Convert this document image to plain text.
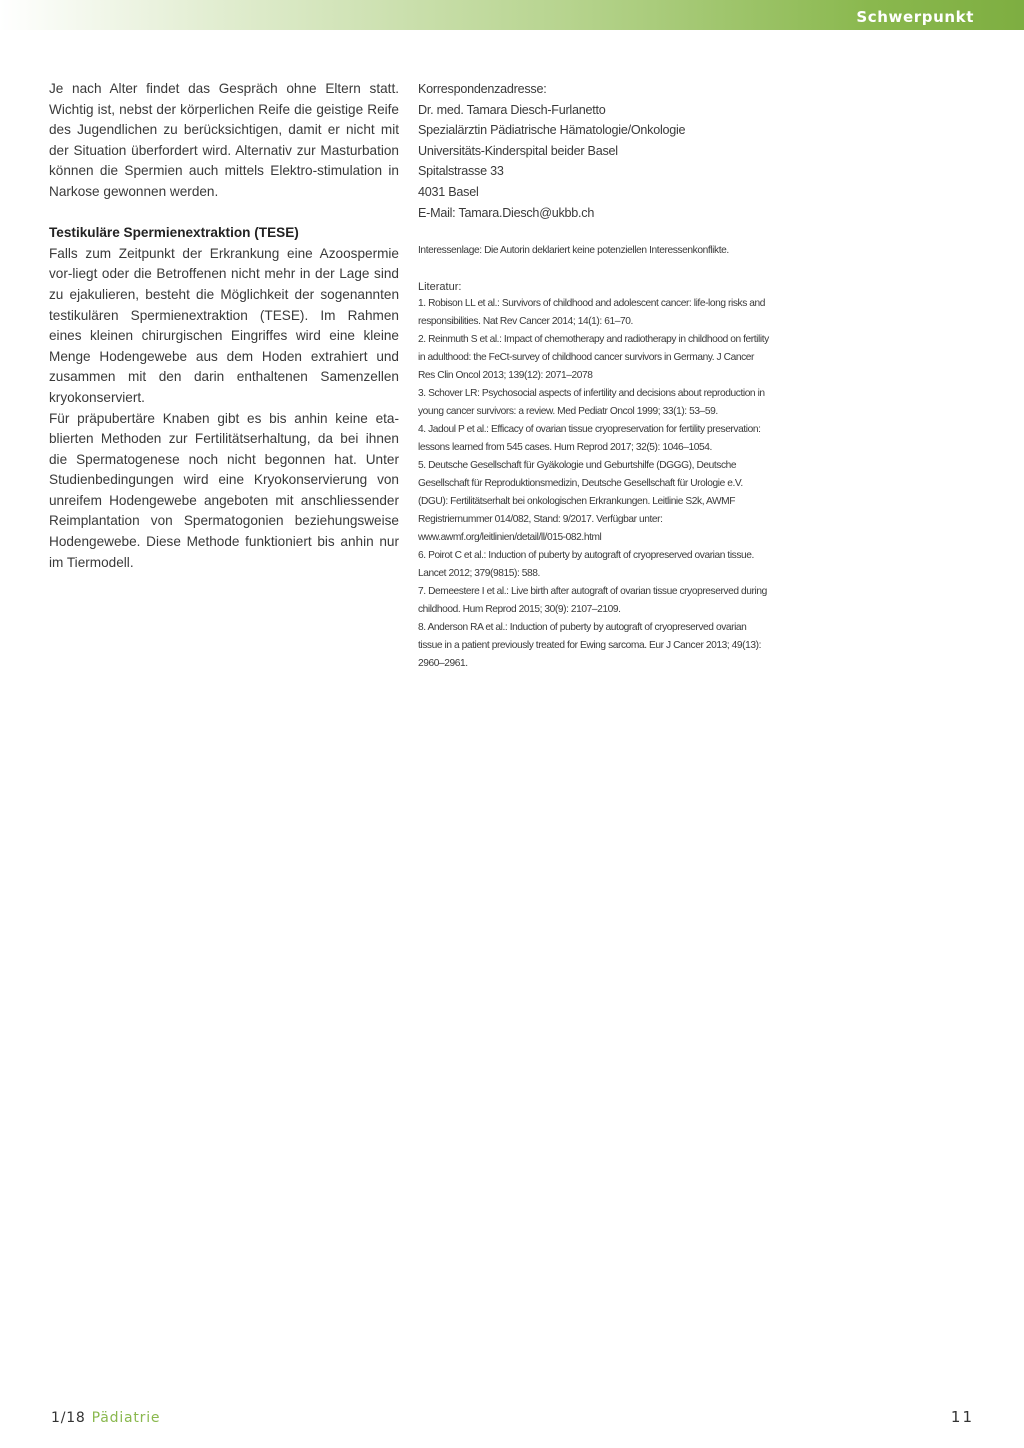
Schwerpunkt

Je nach Alter findet das Gespräch ohne Eltern statt. Wichtig ist, nebst der körperlichen Reife die geistige Reife des Jugendlichen zu berücksichtigen, damit er nicht mit der Situation überfordert wird. Alternativ zur Masturbation können die Spermien auch mittels Elektro-stimulation in Narkose gewonnen werden.

Testikuläre Spermienextraktion (TESE)

Falls zum Zeitpunkt der Erkrankung eine Azoospermie vor-liegt oder die Betroffenen nicht mehr in der Lage sind zu ejakulieren, besteht die Möglichkeit der sogenannten testikulären Spermienextraktion (TESE). Im Rahmen eines kleinen chirurgischen Eingriffes wird eine kleine Menge Hodengewebe aus dem Hoden extrahiert und zusammen mit den darin enthaltenen Samenzellen kryokonserviert.

Für präpubertäre Knaben gibt es bis anhin keine eta-blierten Methoden zur Fertilitätserhaltung, da bei ihnen die Spermatogenese noch nicht begonnen hat. Unter Studienbedingungen wird eine Kryokonservierung von unreifem Hodengewebe angeboten mit anschliessender Reimplantation von Spermatogonien beziehungsweise Hodengewebe. Diese Methode funktioniert bis anhin nur im Tiermodell.

Korrespondenzadresse:
Dr. med. Tamara Diesch-Furlanetto
Spezialärztin Pädiatrische Hämatologie/Onkologie
Universitäts-Kinderspital beider Basel
Spitalstrasse 33
4031 Basel
E-Mail: Tamara.Diesch@ukbb.ch
Interessenlage: Die Autorin deklariert keine potenziellen Interessenkonflikte.
Literatur:
1. Robison LL et al.: Survivors of childhood and adolescent cancer: life-long risks and responsibilities. Nat Rev Cancer 2014; 14(1): 61–70.
2. Reinmuth S et al.: Impact of chemotherapy and radiotherapy in childhood on fertility in adulthood: the FeCt-survey of childhood cancer survivors in Germany. J Cancer Res Clin Oncol 2013; 139(12): 2071–2078
3. Schover LR: Psychosocial aspects of infertility and decisions about reproduction in young cancer survivors: a review. Med Pediatr Oncol 1999; 33(1): 53–59.
4. Jadoul P et al.: Efficacy of ovarian tissue cryopreservation for fertility preservation: lessons learned from 545 cases. Hum Reprod 2017; 32(5): 1046–1054.
5. Deutsche Gesellschaft für Gyäkologie und Geburtshilfe (DGGG), Deutsche Gesellschaft für Reproduktionsmedizin, Deutsche Gesellschaft für Urologie e.V. (DGU): Fertilitätserhalt bei onkologischen Erkrankungen. Leitlinie S2k, AWMF Registriernummer 014/082, Stand: 9/2017. Verfügbar unter: www.awmf.org/leitlinien/detail/ll/015-082.html
6. Poirot C et al.: Induction of puberty by autograft of cryopreserved ovarian tissue. Lancet 2012; 379(9815): 588.
7. Demeestere I et al.: Live birth after autograft of ovarian tissue cryopreserved during childhood. Hum Reprod 2015; 30(9): 2107–2109.
8. Anderson RA et al.: Induction of puberty by autograft of cryopreserved ovarian tissue in a patient previously treated for Ewing sarcoma. Eur J Cancer 2013; 49(13): 2960–2961.
1/18 Pädiatrie	11
